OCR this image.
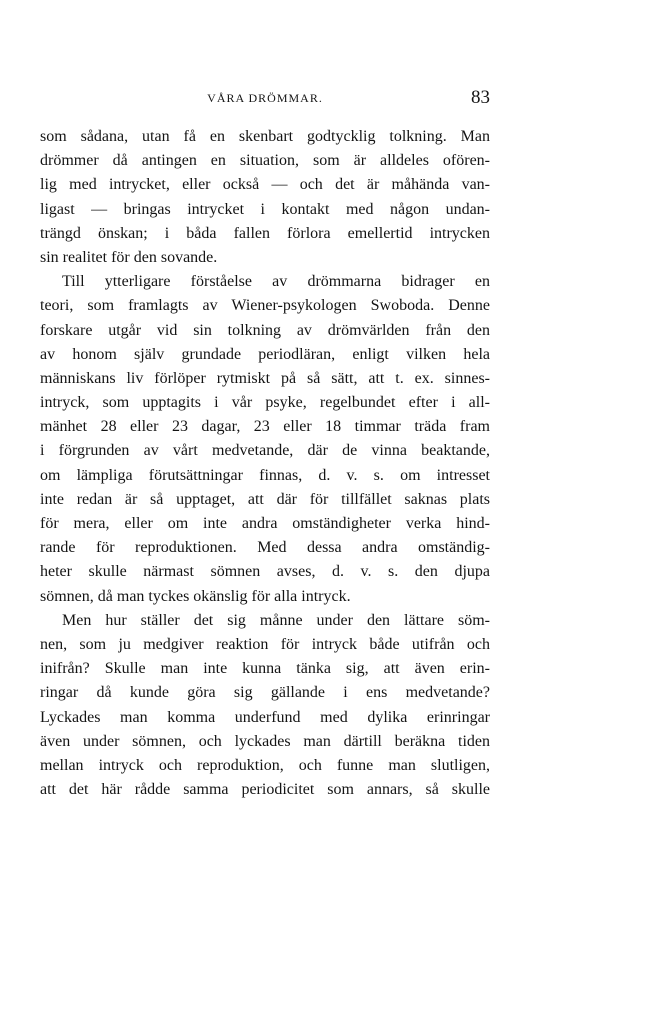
VÅRA DRÖMMAR.	83
som sådana, utan få en skenbart godtycklig tolkning. Man
drömmer då antingen en situation, som är alldeles ofören-
lig med intrycket, eller också — och det är måhända van-
ligast — bringas intrycket i kontakt med någon undan-
trängd önskan; i båda fallen förlora emellertid intrycken
sin realitet för den sovande.
Till ytterligare förståelse av drömmarna bidrager en
teori, som framlagts av Wiener-psykologen Swoboda. Denne
forskare utgår vid sin tolkning av drömvärlden från den
av honom själv grundade periodläran, enligt vilken hela
människans liv förlöper rytmiskt på så sätt, att t. ex. sinnes-
intryck, som upptagits i vår psyke, regelbundet efter i all-
mänhet 28 eller 23 dagar, 23 eller 18 timmar träda fram
i förgrunden av vårt medvetande, där de vinna beaktande,
om lämpliga förutsättningar finnas, d. v. s. om intresset
inte redan är så upptaget, att där för tillfället saknas plats
för mera, eller om inte andra omständigheter verka hind-
rande för reproduktionen. Med dessa andra omständig-
heter skulle närmast sömnen avses, d. v. s. den djupa
sömnen, då man tyckes okänslig för alla intryck.
Men hur ställer det sig månne under den lättare söm-
nen, som ju medgiver reaktion för intryck både utifrån och
inifrån? Skulle man inte kunna tänka sig, att även erin-
ringar då kunde göra sig gällande i ens medvetande?
Lyckades man komma underfund med dylika erinringar
även under sömnen, och lyckades man därtill beräkna tiden
mellan intryck och reproduktion, och funne man slutligen,
att det här rådde samma periodicitet som annars, så skulle
